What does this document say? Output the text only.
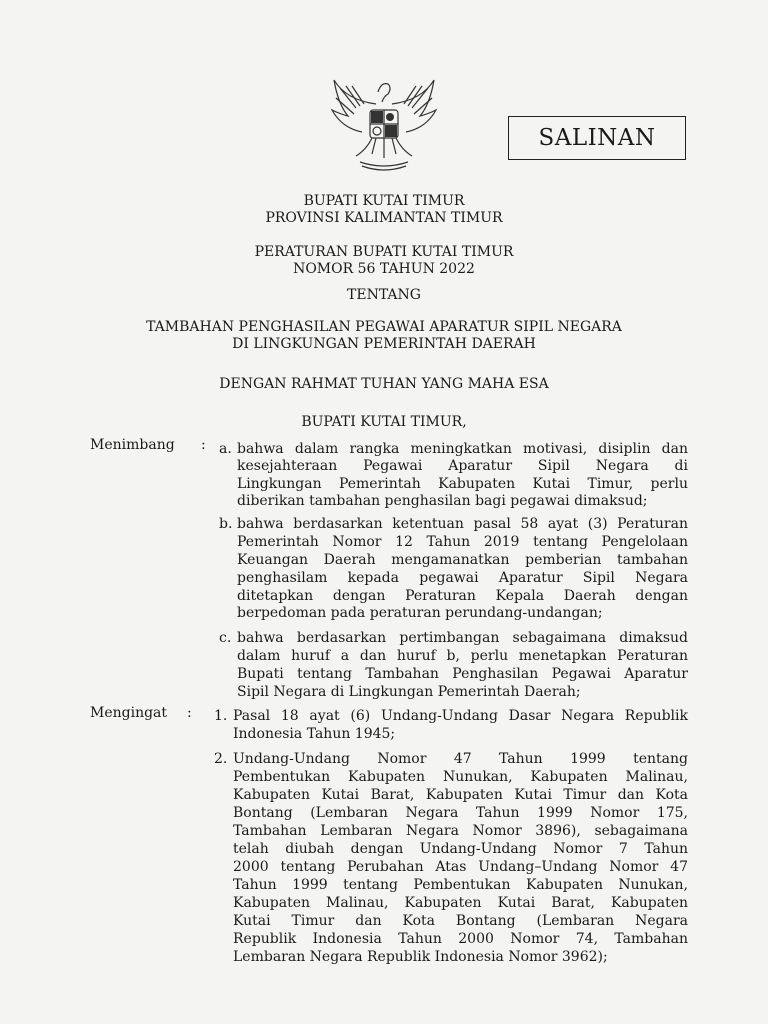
SALINAN
BUPATI KUTAI TIMUR
PROVINSI KALIMANTAN TIMUR
PERATURAN BUPATI KUTAI TIMUR
NOMOR 56 TAHUN 2022
TENTANG
TAMBAHAN PENGHASILAN PEGAWAI APARATUR SIPIL NEGARA
DI LINGKUNGAN PEMERINTAH DAERAH
DENGAN RAHMAT TUHAN YANG MAHA ESA
BUPATI KUTAI TIMUR,
Menimbang : a. bahwa dalam rangka meningkatkan motivasi, disiplin dan
kesejahteraan Pegawai Aparatur Sipil Negara di
Lingkungan Pemerintah Kabupaten Kutai Timur, perlu
diberikan tambahan penghasilan bagi pegawai dimaksud;
b. bahwa berdasarkan ketentuan pasal 58 ayat (3) Peraturan
Pemerintah Nomor 12 Tahun 2019 tentang Pengelolaan
Keuangan Daerah mengamanatkan pemberian tambahan
penghasilam kepada pegawai Aparatur Sipil Negara
ditetapkan dengan Peraturan Kepala Daerah dengan
berpedoman pada peraturan perundang-undangan;
c. bahwa berdasarkan pertimbangan sebagaimana dimaksud
dalam huruf a dan huruf b, perlu menetapkan Peraturan
Bupati tentang Tambahan Penghasilan Pegawai Aparatur
Sipil Negara di Lingkungan Pemerintah Daerah;
Mengingat : 1. Pasal 18 ayat (6) Undang-Undang Dasar Negara Republik
Indonesia Tahun 1945;
2. Undang-Undang Nomor 47 Tahun 1999 tentang
Pembentukan Kabupaten Nunukan, Kabupaten Malinau,
Kabupaten Kutai Barat, Kabupaten Kutai Timur dan Kota
Bontang (Lembaran Negara Tahun 1999 Nomor 175,
Tambahan Lembaran Negara Nomor 3896), sebagaimana
telah diubah dengan Undang-Undang Nomor 7 Tahun
2000 tentang Perubahan Atas Undang–Undang Nomor 47
Tahun 1999 tentang Pembentukan Kabupaten Nunukan,
Kabupaten Malinau, Kabupaten Kutai Barat, Kabupaten
Kutai Timur dan Kota Bontang (Lembaran Negara
Republik Indonesia Tahun 2000 Nomor 74, Tambahan
Lembaran Negara Republik Indonesia Nomor 3962);
